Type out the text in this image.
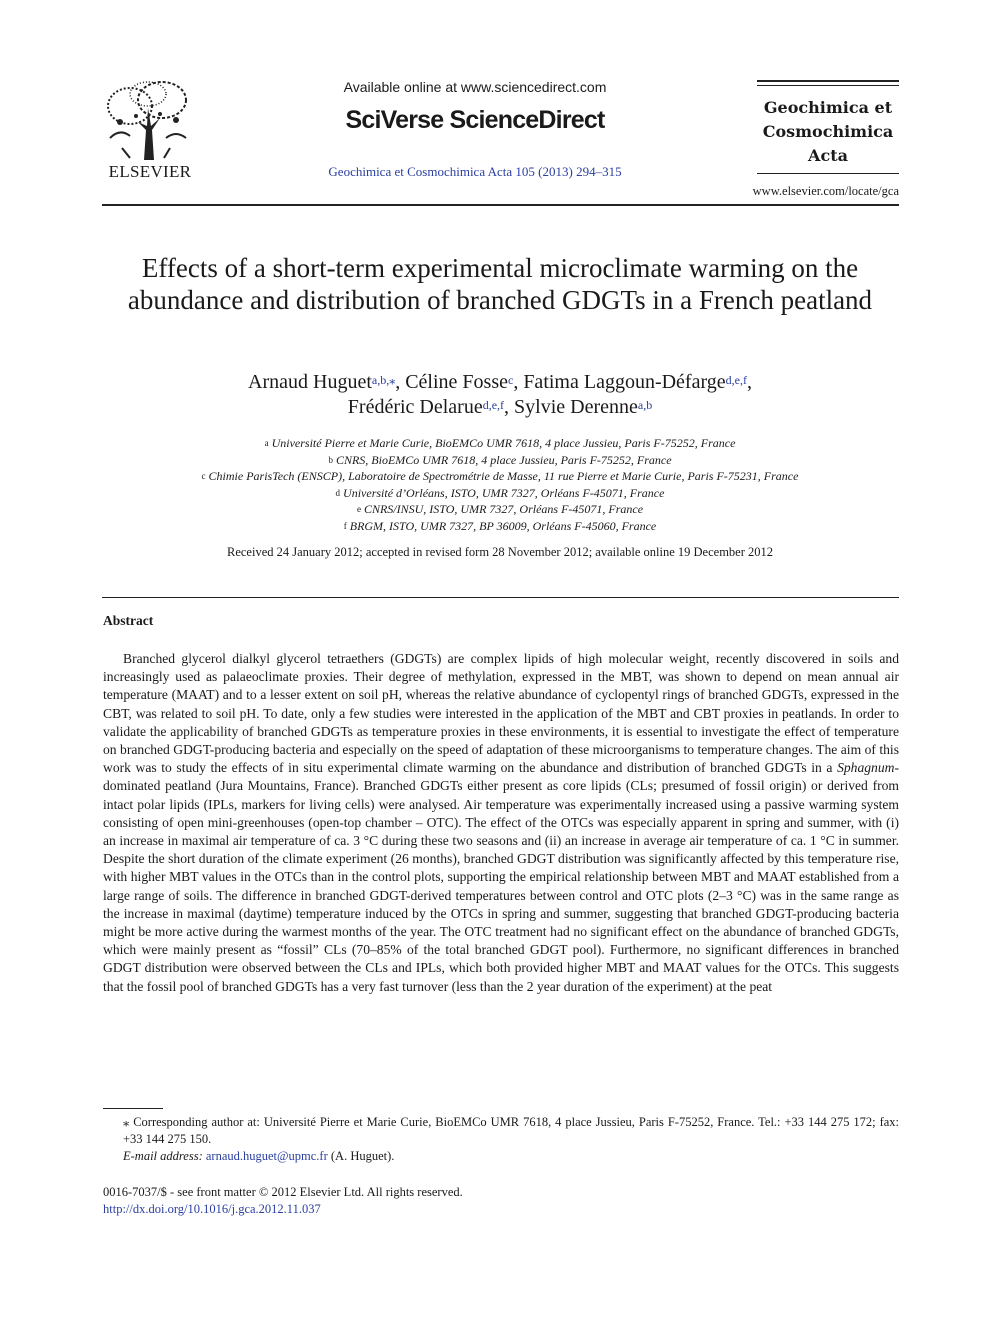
ELSEVIER
Available online at www.sciencedirect.com
SciVerse ScienceDirect
Geochimica et Cosmochimica Acta 105 (2013) 294–315
Geochimica et
Cosmochimica
Acta
www.elsevier.com/locate/gca
Effects of a short-term experimental microclimate warming on the abundance and distribution of branched GDGTs in a French peatland
Arnaud Huguet$^{a,b,⁎}$, Céline Fosse$^c$, Fatima Laggoun-Défarge$^{d,e,f}$,
Frédéric Delarue$^{d,e,f}$, Sylvie Derenne$^{a,b}$
$^a$ Université Pierre et Marie Curie, BioEMCo UMR 7618, 4 place Jussieu, Paris F-75252, France
$^b$ CNRS, BioEMCo UMR 7618, 4 place Jussieu, Paris F-75252, France
$^c$ Chimie ParisTech (ENSCP), Laboratoire de Spectrométrie de Masse, 11 rue Pierre et Marie Curie, Paris F-75231, France
$^d$ Université d’Orléans, ISTO, UMR 7327, Orléans F-45071, France
$^e$ CNRS/INSU, ISTO, UMR 7327, Orléans F-45071, France
$^f$ BRGM, ISTO, UMR 7327, BP 36009, Orléans F-45060, France
Received 24 January 2012; accepted in revised form 28 November 2012; available online 19 December 2012
Abstract

Branched glycerol dialkyl glycerol tetraethers (GDGTs) are complex lipids of high molecular weight, recently discovered in soils and increasingly used as palaeoclimate proxies. Their degree of methylation, expressed in the MBT, was shown to depend on mean annual air temperature (MAAT) and to a lesser extent on soil pH, whereas the relative abundance of cyclopentyl rings of branched GDGTs, expressed in the CBT, was related to soil pH. To date, only a few studies were interested in the application of the MBT and CBT proxies in peatlands. In order to validate the applicability of branched GDGTs as temperature proxies in these environments, it is essential to investigate the effect of temperature on branched GDGT-producing bacteria and especially on the speed of adaptation of these microorganisms to temperature changes. The aim of this work was to study the effects of in situ experimental climate warming on the abundance and distribution of branched GDGTs in a Sphagnum-dominated peatland (Jura Mountains, France). Branched GDGTs either present as core lipids (CLs; presumed of fossil origin) or derived from intact polar lipids (IPLs, markers for living cells) were analysed. Air temperature was experimentally increased using a passive warming system consisting of open mini-greenhouses (open-top chamber – OTC). The effect of the OTCs was especially apparent in spring and summer, with (i) an increase in maximal air temperature of ca. 3 °C during these two seasons and (ii) an increase in average air temperature of ca. 1 °C in summer. Despite the short duration of the climate experiment (26 months), branched GDGT distribution was significantly affected by this temperature rise, with higher MBT values in the OTCs than in the control plots, supporting the empirical relationship between MBT and MAAT established from a large range of soils. The difference in branched GDGT-derived temperatures between control and OTC plots (2–3 °C) was in the same range as the increase in maximal (daytime) temperature induced by the OTCs in spring and summer, suggesting that branched GDGT-producing bacteria might be more active during the warmest months of the year. The OTC treatment had no significant effect on the abundance of branched GDGTs, which were mainly present as “fossil” CLs (70–85% of the total branched GDGT pool). Furthermore, no significant differences in branched GDGT distribution were observed between the CLs and IPLs, which both provided higher MBT and MAAT values for the OTCs. This suggests that the fossil pool of branched GDGTs has a very fast turnover (less than the 2 year duration of the experiment) at the peat

⁎ Corresponding author at: Université Pierre et Marie Curie, BioEMCo UMR 7618, 4 place Jussieu, Paris F-75252, France. Tel.: +33 144 275 172; fax: +33 144 275 150.
E-mail address: arnaud.huguet@upmc.fr (A. Huguet).
0016-7037/$ - see front matter © 2012 Elsevier Ltd. All rights reserved.
http://dx.doi.org/10.1016/j.gca.2012.11.037
